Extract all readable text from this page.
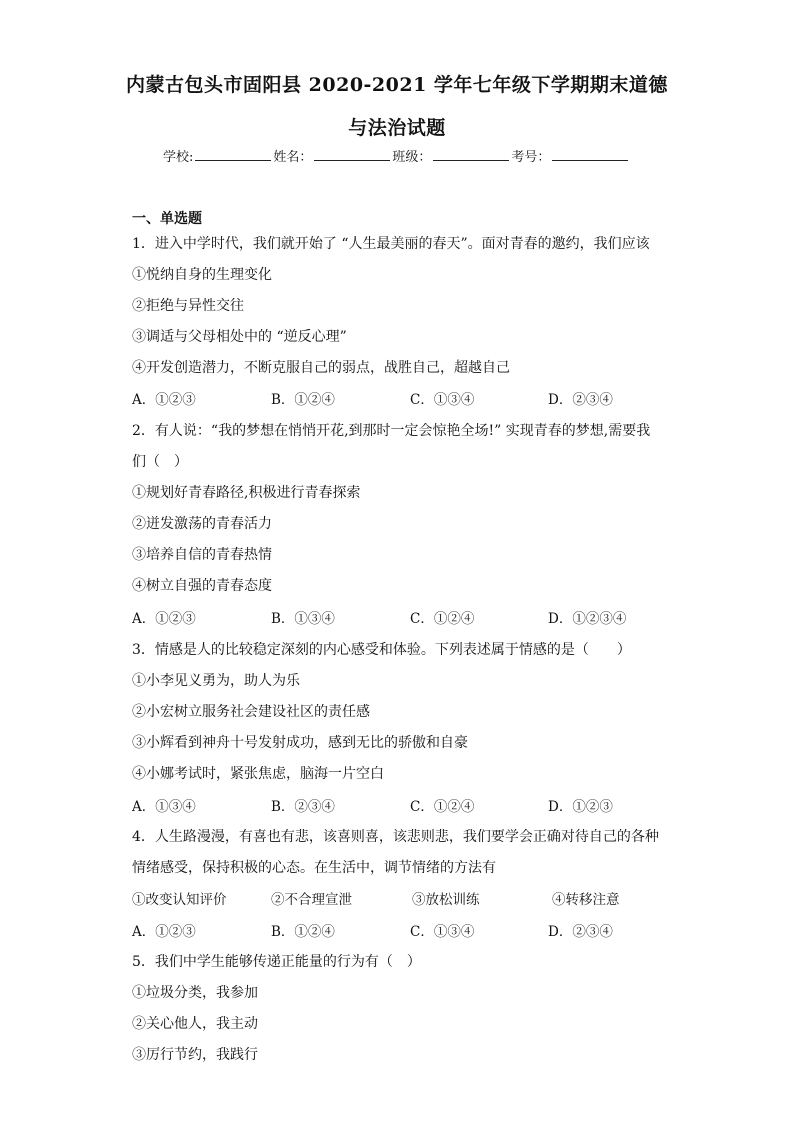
内蒙古包头市固阳县 2020-2021 学年七年级下学期期末道德
与法治试题
学校:	姓名：	班级：	考号：
一、单选题
1．进入中学时代，我们就开始了 “人生最美丽的春天”。面对青春的邀约，我们应该
①悦纳自身的生理变化
②拒绝与异性交往
③调适与父母相处中的 “逆反心理”
④开发创造潜力，不断克服自己的弱点，战胜自己，超越自己
A．①②③	B．①②④	C．①③④	D．②③④
2．有人说：“我的梦想在悄悄开花,到那时一定会惊艳全场!” 实现青春的梦想,需要我
们（　）
①规划好青春路径,积极进行青春探索
②迸发激荡的青春活力
③培养自信的青春热情
④树立自强的青春态度
A．①②③	B．①③④	C．①②④	D．①②③④
3．情感是人的比较稳定深刻的内心感受和体验。下列表述属于情感的是（　　）
①小李见义勇为，助人为乐
②小宏树立服务社会建设社区的责任感
③小辉看到神舟十号发射成功，感到无比的骄傲和自豪
④小娜考试时，紧张焦虑，脑海一片空白
A．①③④	B．②③④	C．①②④	D．①②③
4．人生路漫漫，有喜也有悲，该喜则喜，该悲则悲，我们要学会正确对待自己的各种
情绪感受，保持积极的心态。在生活中，调节情绪的方法有
①改变认知评价	②不合理宣泄	③放松训练	④转移注意
A．①②③	B．①②④	C．①③④	D．②③④
5．我们中学生能够传递正能量的行为有（　）
①垃圾分类，我参加
②关心他人，我主动
③厉行节约，我践行
